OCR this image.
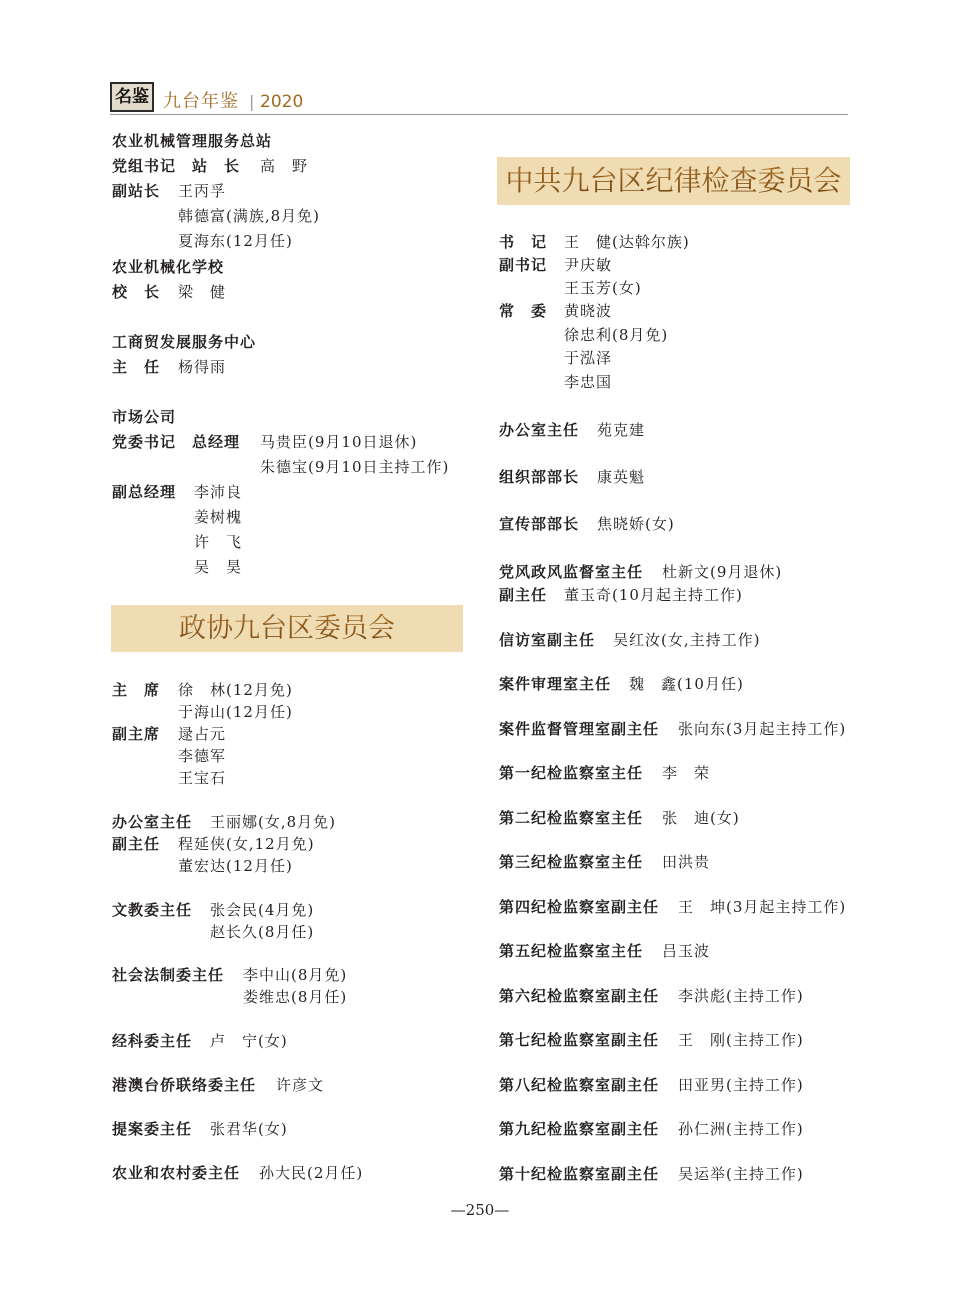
名鉴 九台年鉴 | 2020
农业机械管理服务总站
党组书记　站　长 高　野
副站长 王丙孚
韩德富(满族,8月免)
夏海东(12月任)
农业机械化学校
校　长 梁　健
工商贸发展服务中心
主　任 杨得雨
市场公司
党委书记　总经理 马贵臣(9月10日退休)
朱德宝(9月10日主持工作)
副总经理 李沛良
姜树槐
许　飞
吴　昊
政协九台区委员会
主　席 徐　林(12月免)
于海山(12月任)
副主席 逯占元
李德军
王宝石
办公室主任 王丽娜(女,8月免)
副主任 程延侠(女,12月免)
董宏达(12月任)
文教委主任 张会民(4月免)
赵长久(8月任)
社会法制委主任 李中山(8月免)
娄维忠(8月任)
经科委主任 卢　宁(女)
港澳台侨联络委主任 许彦文
提案委主任 张君华(女)
农业和农村委主任 孙大民(2月任)
中共九台区纪律检查委员会
书　记 王　健(达斡尔族)
副书记 尹庆敏
王玉芳(女)
常　委 黄晓波
徐忠利(8月免)
于泓泽
李忠国
办公室主任 苑克建
组织部部长 康英魁
宣传部部长 焦晓娇(女)
党风政风监督室主任 杜新文(9月退休)
副主任 董玉奇(10月起主持工作)
信访室副主任 吴红汝(女,主持工作)
案件审理室主任 魏　鑫(10月任)
案件监督管理室副主任 张向东(3月起主持工作)
第一纪检监察室主任 李　荣
第二纪检监察室主任 张　迪(女)
第三纪检监察室主任 田洪贵
第四纪检监察室副主任 王　坤(3月起主持工作)
第五纪检监察室主任 吕玉波
第六纪检监察室副主任 李洪彪(主持工作)
第七纪检监察室副主任 王　刚(主持工作)
第八纪检监察室副主任 田亚男(主持工作)
第九纪检监察室副主任 孙仁洲(主持工作)
第十纪检监察室副主任 吴运举(主持工作)
—250—
